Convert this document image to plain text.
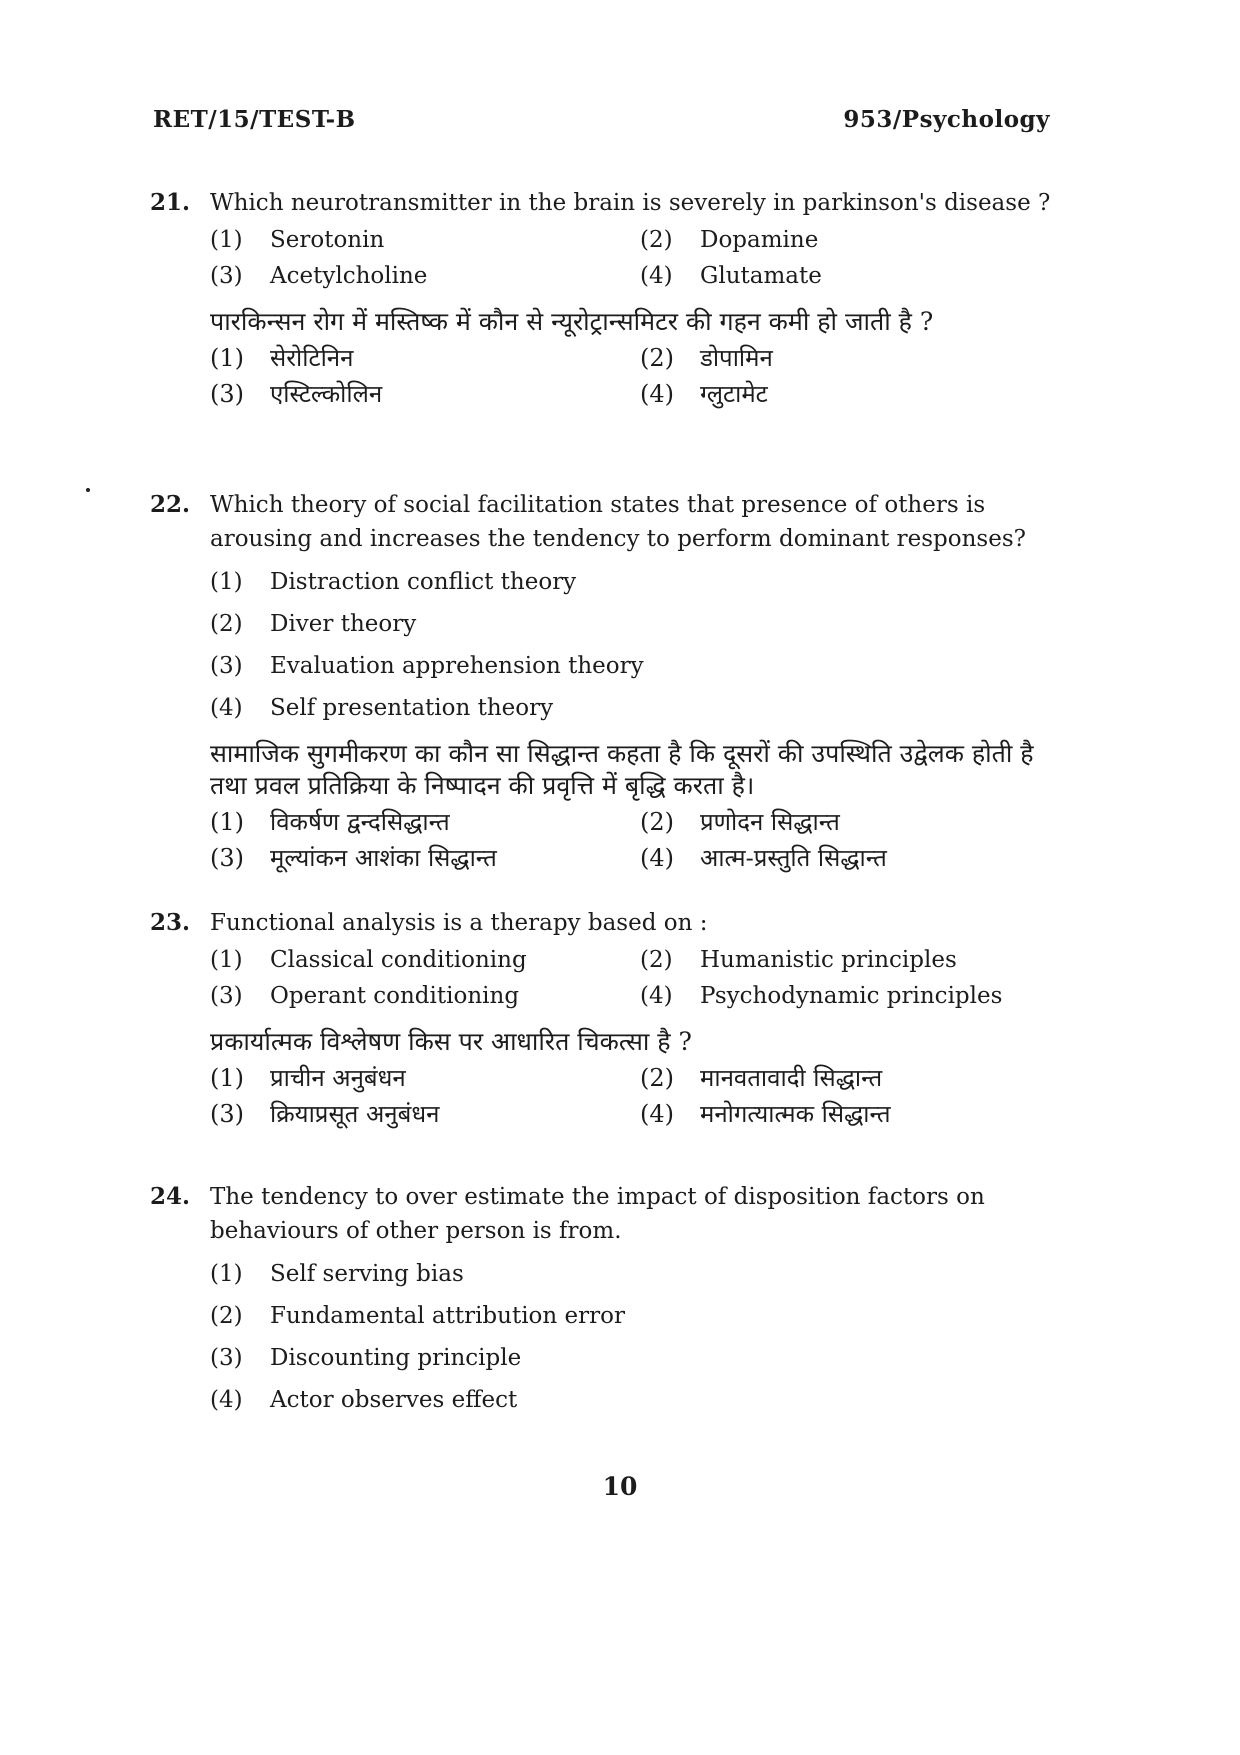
RET/15/TEST-B	953/Psychology
21. Which neurotransmitter in the brain is severely in parkinson's disease ?
(1)	Serotonin	(2)	Dopamine
(3)	Acetylcholine	(4)	Glutamate
पारकिन्सन रोग में मस्तिष्क में कौन से न्यूरोट्रान्समिटर की गहन कमी हो जाती है ?
(1)	सेरोटिनिन	(2)	डोपामिन
(3)	एस्टिल्कोलिन	(4)	ग्लुटामेट
22. Which theory of social facilitation states that presence of others is arousing and increases the tendency to perform dominant responses?
(1)	Distraction conflict theory
(2)	Diver theory
(3)	Evaluation apprehension theory
(4)	Self presentation theory
सामाजिक सुगमीकरण का कौन सा सिद्धान्त कहता है कि दूसरों की उपस्थिति उद्वेलक होती है तथा प्रवल प्रतिक्रिया के निष्पादन की प्रवृत्ति में बृद्धि करता है।
(1)	विकर्षण द्वन्दसिद्धान्त	(2)	प्रणोदन सिद्धान्त
(3)	मूल्यांकन आशंका सिद्धान्त	(4)	आत्म-प्रस्तुति सिद्धान्त
23. Functional analysis is a therapy based on :
(1)	Classical conditioning	(2)	Humanistic principles
(3)	Operant conditioning	(4)	Psychodynamic principles
प्रकार्यात्मक विश्लेषण किस पर आधारित चिकत्सा है ?
(1)	प्राचीन अनुबंधन	(2)	मानवतावादी सिद्धान्त
(3)	क्रियाप्रसूत अनुबंधन	(4)	मनोगत्यात्मक सिद्धान्त
24. The tendency to over estimate the impact of disposition factors on behaviours of other person is from.
(1)	Self serving bias
(2)	Fundamental attribution error
(3)	Discounting principle
(4)	Actor observes effect
10
